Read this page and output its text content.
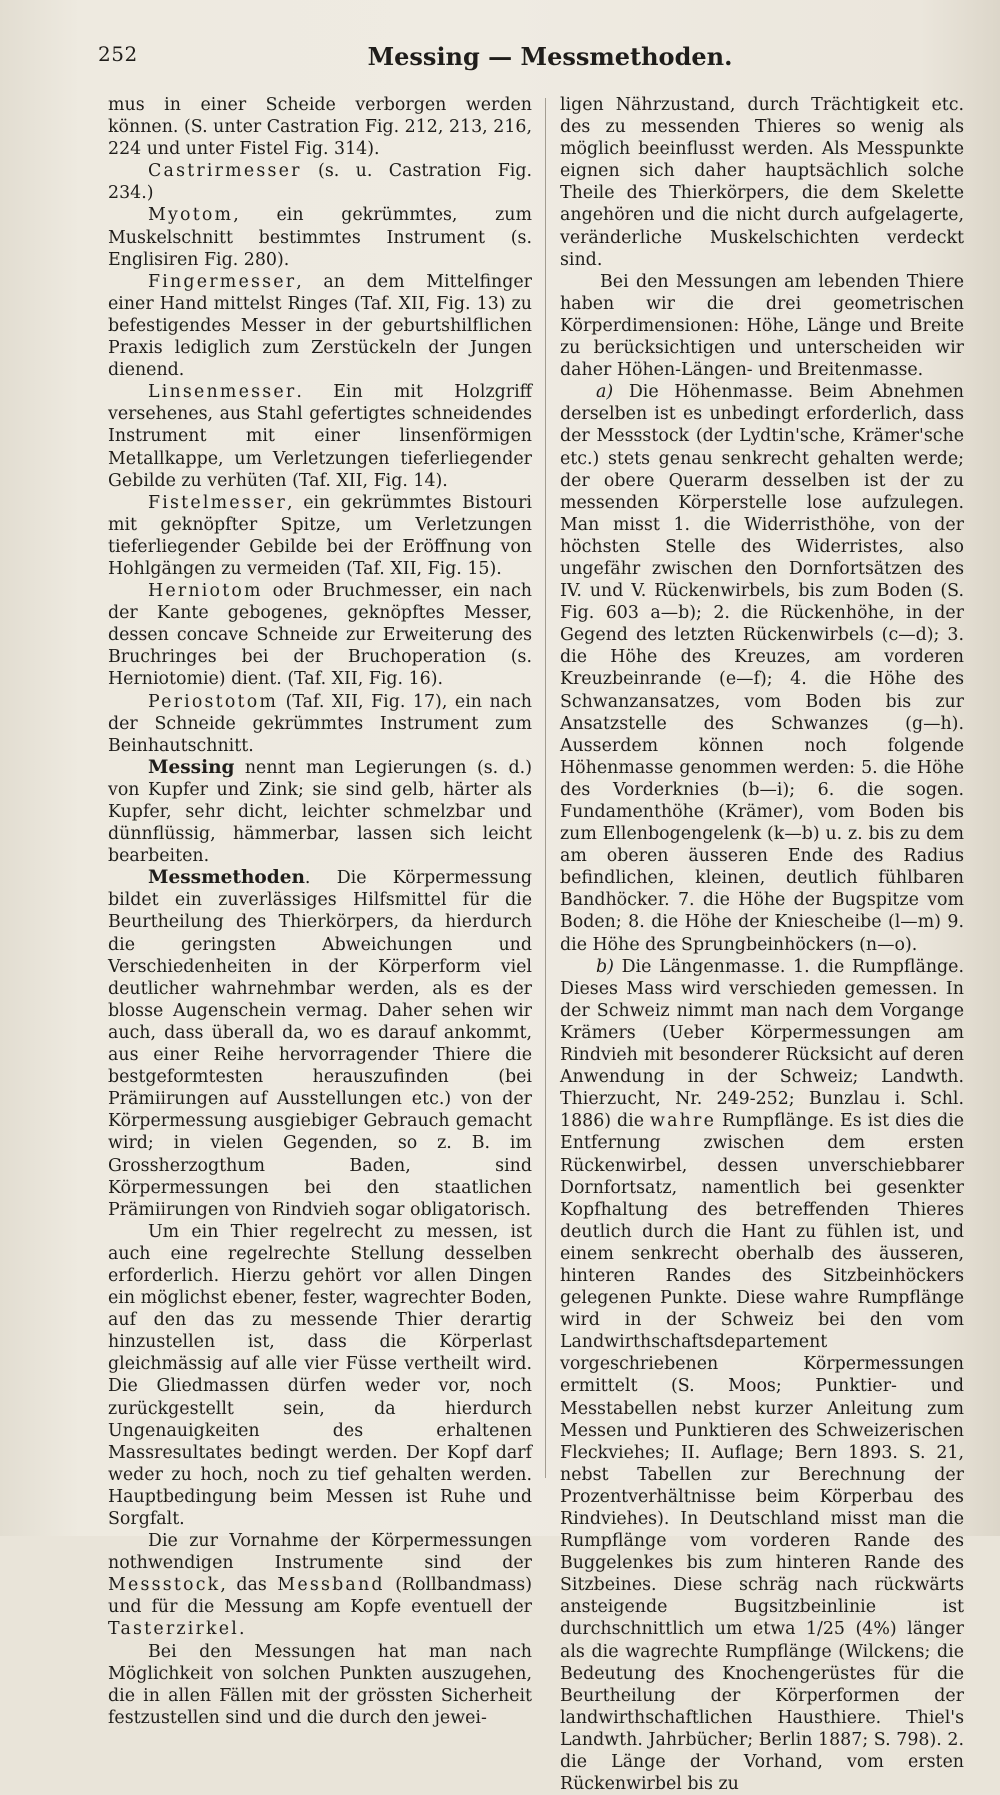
252	Messing — Messmethoden.

mus in einer Scheide verborgen werden können. (S. unter Castration Fig. 212, 213, 216, 224 und unter Fistel Fig. 314).

Castrirmesser (s. u. Castration Fig. 234.)

Myotom, ein gekrümmtes, zum Muskelschnitt bestimmtes Instrument (s. Englisiren Fig. 280).

Fingermesser, an dem Mittelfinger einer Hand mittelst Ringes (Taf. XII, Fig. 13) zu befestigendes Messer in der geburtshilflichen Praxis lediglich zum Zerstückeln der Jungen dienend.

Linsenmesser. Ein mit Holzgriff versehenes, aus Stahl gefertigtes schneidendes Instrument mit einer linsenförmigen Metallkappe, um Verletzungen tieferliegender Gebilde zu verhüten (Taf. XII, Fig. 14).

Fistelmesser, ein gekrümmtes Bistouri mit geknöpfter Spitze, um Verletzungen tieferliegender Gebilde bei der Eröffnung von Hohlgängen zu vermeiden (Taf. XII, Fig. 15).

Herniotom oder Bruchmesser, ein nach der Kante gebogenes, geknöpftes Messer, dessen concave Schneide zur Erweiterung des Bruchringes bei der Bruchoperation (s. Herniotomie) dient. (Taf. XII, Fig. 16).

Periostotom (Taf. XII, Fig. 17), ein nach der Schneide gekrümmtes Instrument zum Beinhautschnitt.

Messing nennt man Legierungen (s. d.) von Kupfer und Zink; sie sind gelb, härter als Kupfer, sehr dicht, leichter schmelzbar und dünnflüssig, hämmerbar, lassen sich leicht bearbeiten.

Messmethoden. Die Körpermessung bildet ein zuverlässiges Hilfsmittel für die Beurtheilung des Thierkörpers, da hierdurch die geringsten Abweichungen und Verschiedenheiten in der Körperform viel deutlicher wahrnehmbar werden, als es der blosse Augenschein vermag. Daher sehen wir auch, dass überall da, wo es darauf ankommt, aus einer Reihe hervorragender Thiere die bestgeformtesten herauszufinden (bei Prämiirungen auf Ausstellungen etc.) von der Körpermessung ausgiebiger Gebrauch gemacht wird; in vielen Gegenden, so z. B. im Grossherzogthum Baden, sind Körpermessungen bei den staatlichen Prämiirungen von Rindvieh sogar obligatorisch.

Um ein Thier regelrecht zu messen, ist auch eine regelrechte Stellung desselben erforderlich. Hierzu gehört vor allen Dingen ein möglichst ebener, fester, wagrechter Boden, auf den das zu messende Thier derartig hinzustellen ist, dass die Körperlast gleichmässig auf alle vier Füsse vertheilt wird. Die Gliedmassen dürfen weder vor, noch zurückgestellt sein, da hierdurch Ungenauigkeiten des erhaltenen Massresultates bedingt werden. Der Kopf darf weder zu hoch, noch zu tief gehalten werden. Hauptbedingung beim Messen ist Ruhe und Sorgfalt.

Die zur Vornahme der Körpermessungen nothwendigen Instrumente sind der Messstock, das Messband (Rollbandmass) und für die Messung am Kopfe eventuell der Tasterzirkel.

Bei den Messungen hat man nach Möglichkeit von solchen Punkten auszugehen, die in allen Fällen mit der grössten Sicherheit festzustellen sind und die durch den jewei-

ligen Nährzustand, durch Trächtigkeit etc. des zu messenden Thieres so wenig als möglich beeinflusst werden. Als Messpunkte eignen sich daher hauptsächlich solche Theile des Thierkörpers, die dem Skelette angehören und die nicht durch aufgelagerte, veränderliche Muskelschichten verdeckt sind.

Bei den Messungen am lebenden Thiere haben wir die drei geometrischen Körperdimensionen: Höhe, Länge und Breite zu berücksichtigen und unterscheiden wir daher Höhen-Längen- und Breitenmasse.

a) Die Höhenmasse. Beim Abnehmen derselben ist es unbedingt erforderlich, dass der Messstock (der Lydtin'sche, Krämer'sche etc.) stets genau senkrecht gehalten werde; der obere Querarm desselben ist der zu messenden Körperstelle lose aufzulegen. Man misst 1. die Widerristhöhe, von der höchsten Stelle des Widerristes, also ungefähr zwischen den Dornfortsätzen des IV. und V. Rückenwirbels, bis zum Boden (S. Fig. 603 a—b); 2. die Rückenhöhe, in der Gegend des letzten Rückenwirbels (c—d); 3. die Höhe des Kreuzes, am vorderen Kreuzbeinrande (e—f); 4. die Höhe des Schwanzansatzes, vom Boden bis zur Ansatzstelle des Schwanzes (g—h). Ausserdem können noch folgende Höhenmasse genommen werden: 5. die Höhe des Vorderknies (b—i); 6. die sogen. Fundamenthöhe (Krämer), vom Boden bis zum Ellenbogengelenk (k—b) u. z. bis zu dem am oberen äusseren Ende des Radius befindlichen, kleinen, deutlich fühlbaren Bandhöcker. 7. die Höhe der Bugspitze vom Boden; 8. die Höhe der Kniescheibe (l—m) 9. die Höhe des Sprungbeinhöckers (n—o).

b) Die Längenmasse. 1. die Rumpflänge. Dieses Mass wird verschieden gemessen. In der Schweiz nimmt man nach dem Vorgange Krämers (Ueber Körpermessungen am Rindvieh mit besonderer Rücksicht auf deren Anwendung in der Schweiz; Landwth. Thierzucht, Nr. 249-252; Bunzlau i. Schl. 1886) die wahre Rumpflänge. Es ist dies die Entfernung zwischen dem ersten Rückenwirbel, dessen unverschiebbarer Dornfortsatz, namentlich bei gesenkter Kopfhaltung des betreffenden Thieres deutlich durch die Hant zu fühlen ist, und einem senkrecht oberhalb des äusseren, hinteren Randes des Sitzbeinhöckers gelegenen Punkte. Diese wahre Rumpflänge wird in der Schweiz bei den vom Landwirthschaftsdepartement vorgeschriebenen Körpermessungen ermittelt (S. Moos; Punktier- und Messtabellen nebst kurzer Anleitung zum Messen und Punktieren des Schweizerischen Fleckviehes; II. Auflage; Bern 1893. S. 21, nebst Tabellen zur Berechnung der Prozentverhältnisse beim Körperbau des Rindviehes). In Deutschland misst man die Rumpflänge vom vorderen Rande des Buggelenkes bis zum hinteren Rande des Sitzbeines. Diese schräg nach rückwärts ansteigende Bugsitzbeinlinie ist durchschnittlich um etwa 1/25 (4%) länger als die wagrechte Rumpflänge (Wilckens; die Bedeutung des Knochengerüstes für die Beurtheilung der Körperformen der landwirthschaftlichen Hausthiere. Thiel's Landwth. Jahrbücher; Berlin 1887; S. 798). 2. die Länge der Vorhand, vom ersten Rückenwirbel bis zu
